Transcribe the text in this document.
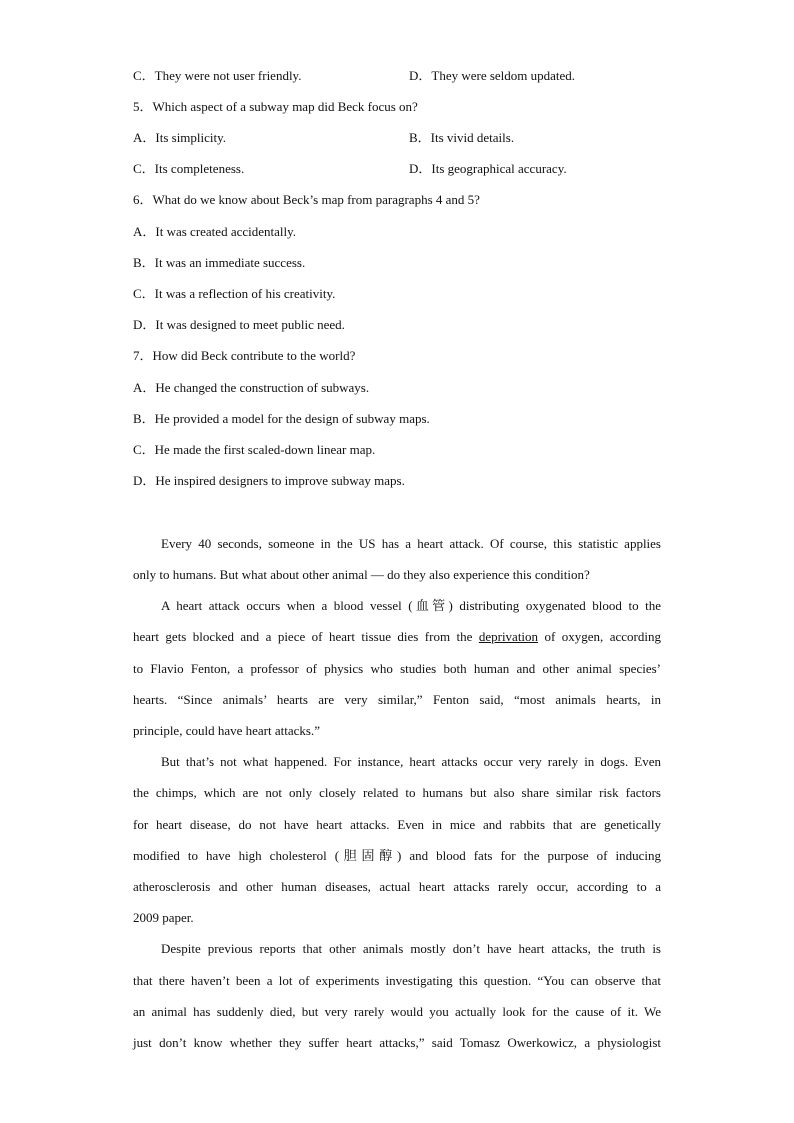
C．They were not user friendly.	D．They were seldom updated.
5．Which aspect of a subway map did Beck focus on?
A．Its simplicity.	B．Its vivid details.
C．Its completeness.	D．Its geographical accuracy.
6．What do we know about Beck’s map from paragraphs 4 and 5?
A．It was created accidentally.
B．It was an immediate success.
C．It was a reflection of his creativity.
D．It was designed to meet public need.
7．How did Beck contribute to the world?
A．He changed the construction of subways.
B．He provided a model for the design of subway maps.
C．He made the first scaled-down linear map.
D．He inspired designers to improve subway maps.
Every 40 seconds, someone in the US has a heart attack. Of course, this statistic applies
only to humans. But what about other animal — do they also experience this condition?
A heart attack occurs when a blood vessel (血管) distributing oxygenated blood to the
heart gets blocked and a piece of heart tissue dies from the deprivation of oxygen, according
to Flavio Fenton, a professor of physics who studies both human and other animal species’
hearts. “Since animals’ hearts are very similar,” Fenton said, “most animals hearts, in
principle, could have heart attacks.”
But that’s not what happened. For instance, heart attacks occur very rarely in dogs. Even
the chimps, which are not only closely related to humans but also share similar risk factors
for heart disease, do not have heart attacks. Even in mice and rabbits that are genetically
modified to have high cholesterol (胆固醇) and blood fats for the purpose of inducing
atherosclerosis and other human diseases, actual heart attacks rarely occur, according to a
2009 paper.
Despite previous reports that other animals mostly don’t have heart attacks, the truth is
that there haven’t been a lot of experiments investigating this question. “You can observe that
an animal has suddenly died, but very rarely would you actually look for the cause of it. We
just don’t know whether they suffer heart attacks,” said Tomasz Owerkowicz, a physiologist
